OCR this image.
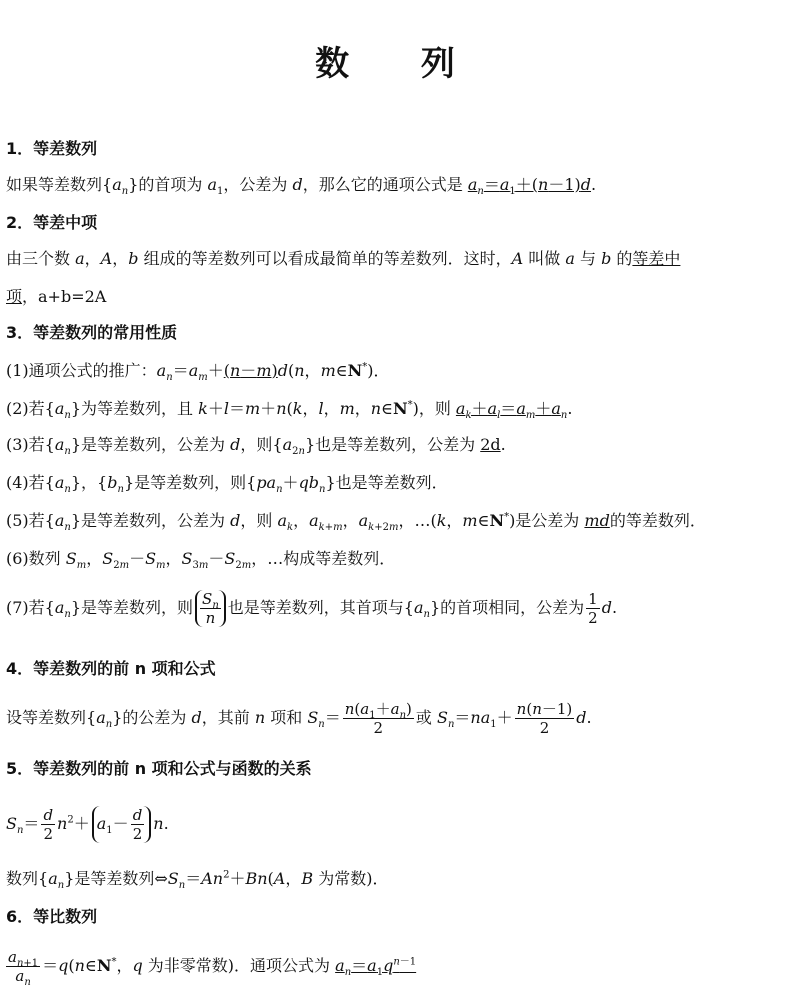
数 列
1．等差数列
如果等差数列$\{a_n\}$的首项为 $a_1$，公差为 d，那么它的通项公式是 $a_n=a_1+(n-1)d$.
2．等差中项
由三个数 a，A，b 组成的等差数列可以看成最简单的等差数列．这时，A 叫做 a 与 b 的等差中
项，a+b=2A
3．等差数列的常用性质
(1)通项公式的推广：$a_n=a_m+(n-m)d(n$，m∈N*)．
(2)若$\{a_n\}$为等差数列，且 k＋l＝m＋n(k，l，m，n∈N*)，则 $a_k+a_l=a_m+a_n$.
(3)若$\{a_n\}$是等差数列，公差为 d，则$\{a_{2n}\}$也是等差数列，公差为 2d.
(4)若$\{a_n\}$，$\{b_n\}$是等差数列，则$\{pa_n+qb_n\}$也是等差数列．
(5)若$\{a_n\}$是等差数列，公差为 d，则 $a_k$，$a_{k+m}$，$a_{k+2m}$，…(k，m∈N*)是公差为 md的等差数列．
(6)数列 $S_m$，$S_{2m}-S_m$，$S_{3m}-S_{2m}$，…构成等差数列．
(7)若$\{a_n\}$是等差数列，则 $\frac{S_n}{n}$ 也是等差数列，其首项与$\{a_n\}$的首项相同，公差为 $\frac{1}{2} d$.
4．等差数列的前 n 项和公式
设等差数列$\{a_n\}$的公差为 d，其前 n 项和 $S_n= \frac{n(a_1+a_n)}{2}$ 或 $S_n=na_1+ \frac{n(n-1)}{2} d$.
5．等差数列的前 n 项和公式与函数的关系
$S_n= \frac{d}{2} n^2+ a_1- \frac{d}{2} n$.
数列$\{a_n\}$是等差数列$\Leftrightarrow S_n=An^2+Bn(A$，B 为常数)．
6．等比数列
$\frac{a_{n+1}}{a_n}$ ＝q(n∈N*，q 为非零常数)．通项公式为 $a_n=a_1q^{n-1}$
